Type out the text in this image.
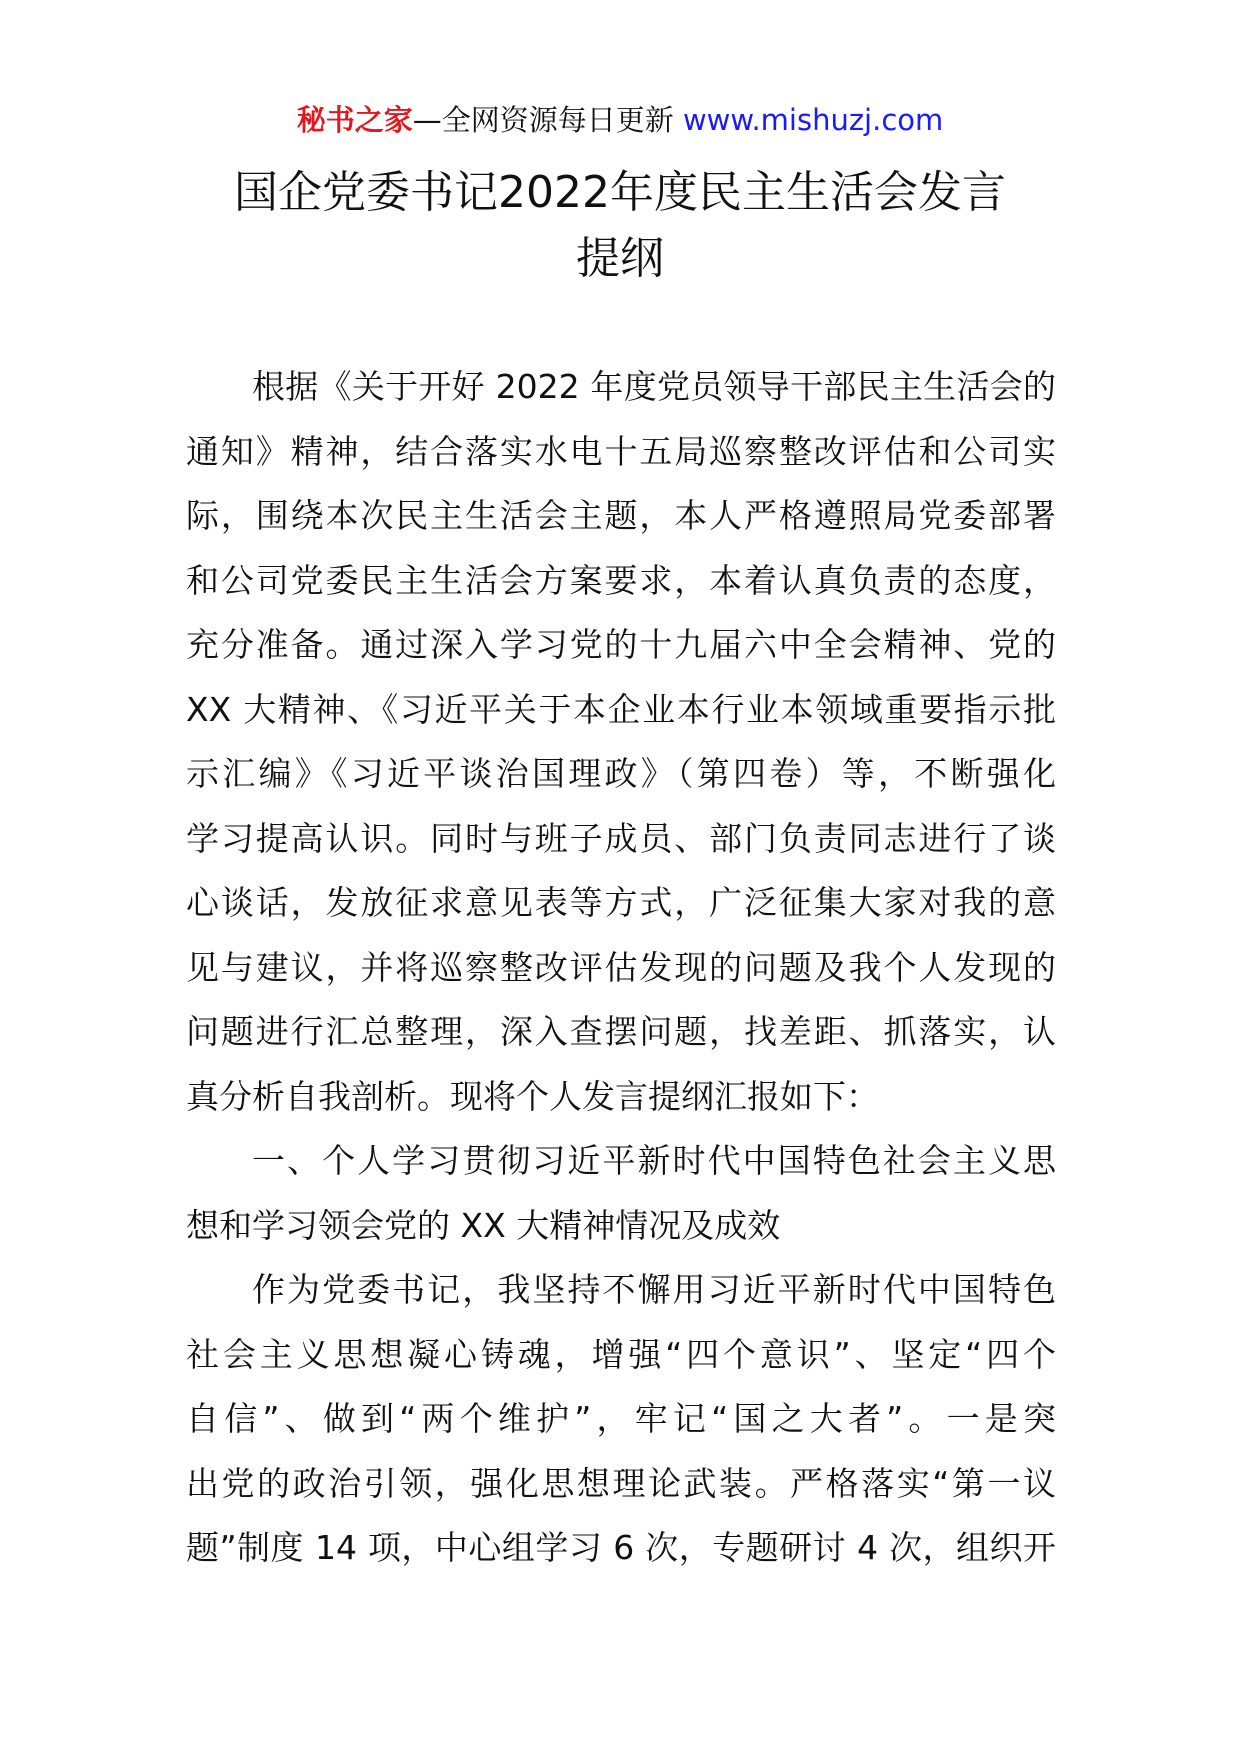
秘书之家—全网资源每日更新 www.mishuzj.com
国企党委书记2022年度民主生活会发言
提纲
根据《关于开好 2022 年度党员领导干部民主生活会的
通知》精神，结合落实水电十五局巡察整改评估和公司实
际，围绕本次民主生活会主题，本人严格遵照局党委部署
和公司党委民主生活会方案要求，本着认真负责的态度，
充分准备。通过深入学习党的十九届六中全会精神、党的
XX 大精神、《习近平关于本企业本行业本领域重要指示批
示汇编》《习近平谈治国理政》（第四卷）等，不断强化
学习提高认识。同时与班子成员、部门负责同志进行了谈
心谈话，发放征求意见表等方式，广泛征集大家对我的意
见与建议，并将巡察整改评估发现的问题及我个人发现的
问题进行汇总整理，深入查摆问题，找差距、抓落实，认
真分析自我剖析。现将个人发言提纲汇报如下：
一、个人学习贯彻习近平新时代中国特色社会主义思
想和学习领会党的 XX 大精神情况及成效
作为党委书记，我坚持不懈用习近平新时代中国特色
社会主义思想凝心铸魂，增强“四个意识”、坚定“四个
自信”、做到“两个维护”，牢记“国之大者”。一是突
出党的政治引领，强化思想理论武装。严格落实“第一议
题”制度 14 项，中心组学习 6 次，专题研讨 4 次，组织开
